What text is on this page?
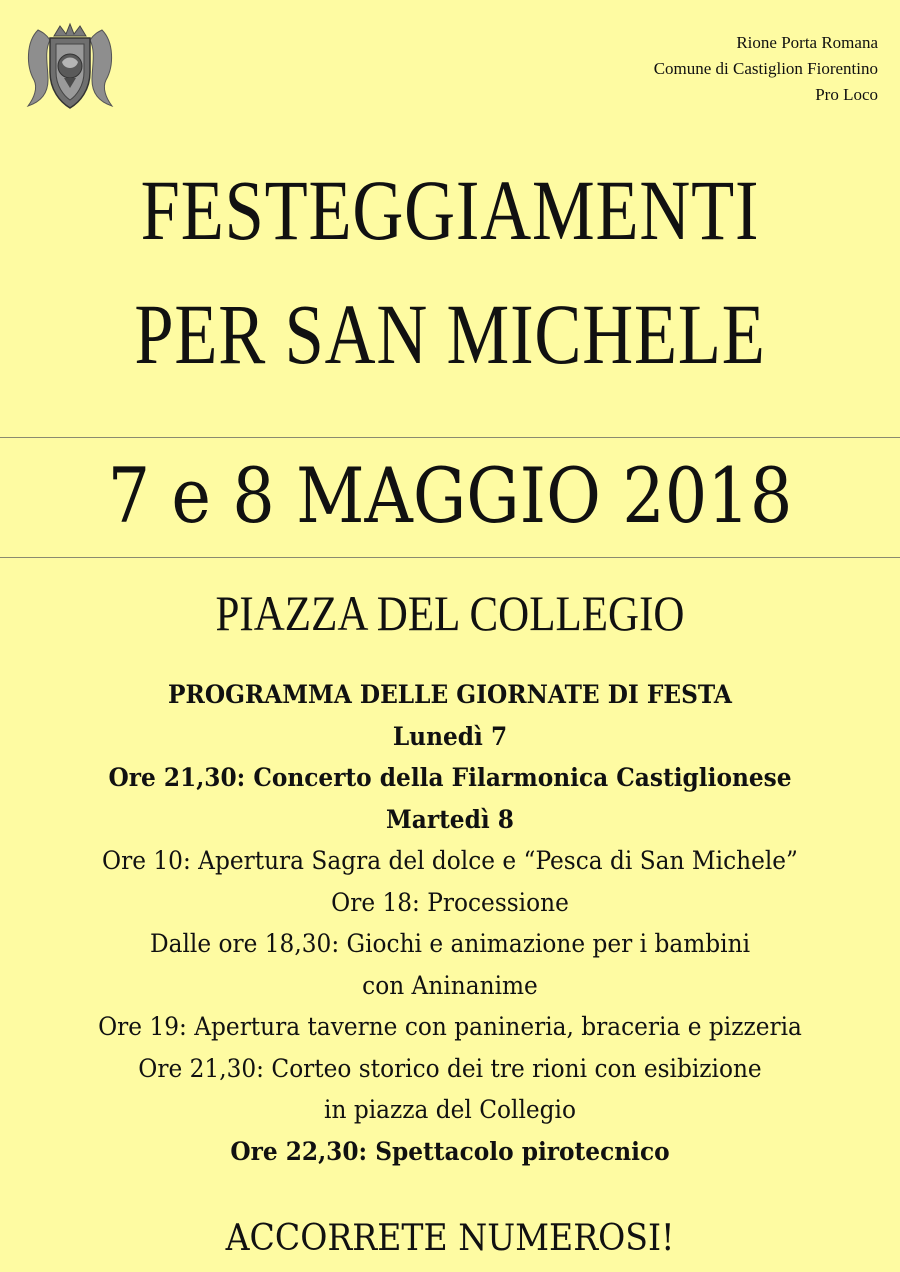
Rione Porta Romana
Comune di Castiglion Fiorentino
Pro Loco
FESTEGGIAMENTI
PER SAN MICHELE
7 e 8 MAGGIO 2018
PIAZZA DEL COLLEGIO
PROGRAMMA DELLE GIORNATE DI FESTA
Lunedì 7
Ore 21,30: Concerto della Filarmonica Castiglionese
Martedì 8
Ore 10: Apertura Sagra del dolce e “Pesca di San Michele”
Ore 18: Processione
Dalle ore 18,30: Giochi e animazione per i bambini
con Aninanime
Ore 19: Apertura taverne con panineria, braceria e pizzeria
Ore 21,30: Corteo storico dei tre rioni con esibizione
in piazza del Collegio
Ore 22,30: Spettacolo pirotecnico
ACCORRETE NUMEROSI!
